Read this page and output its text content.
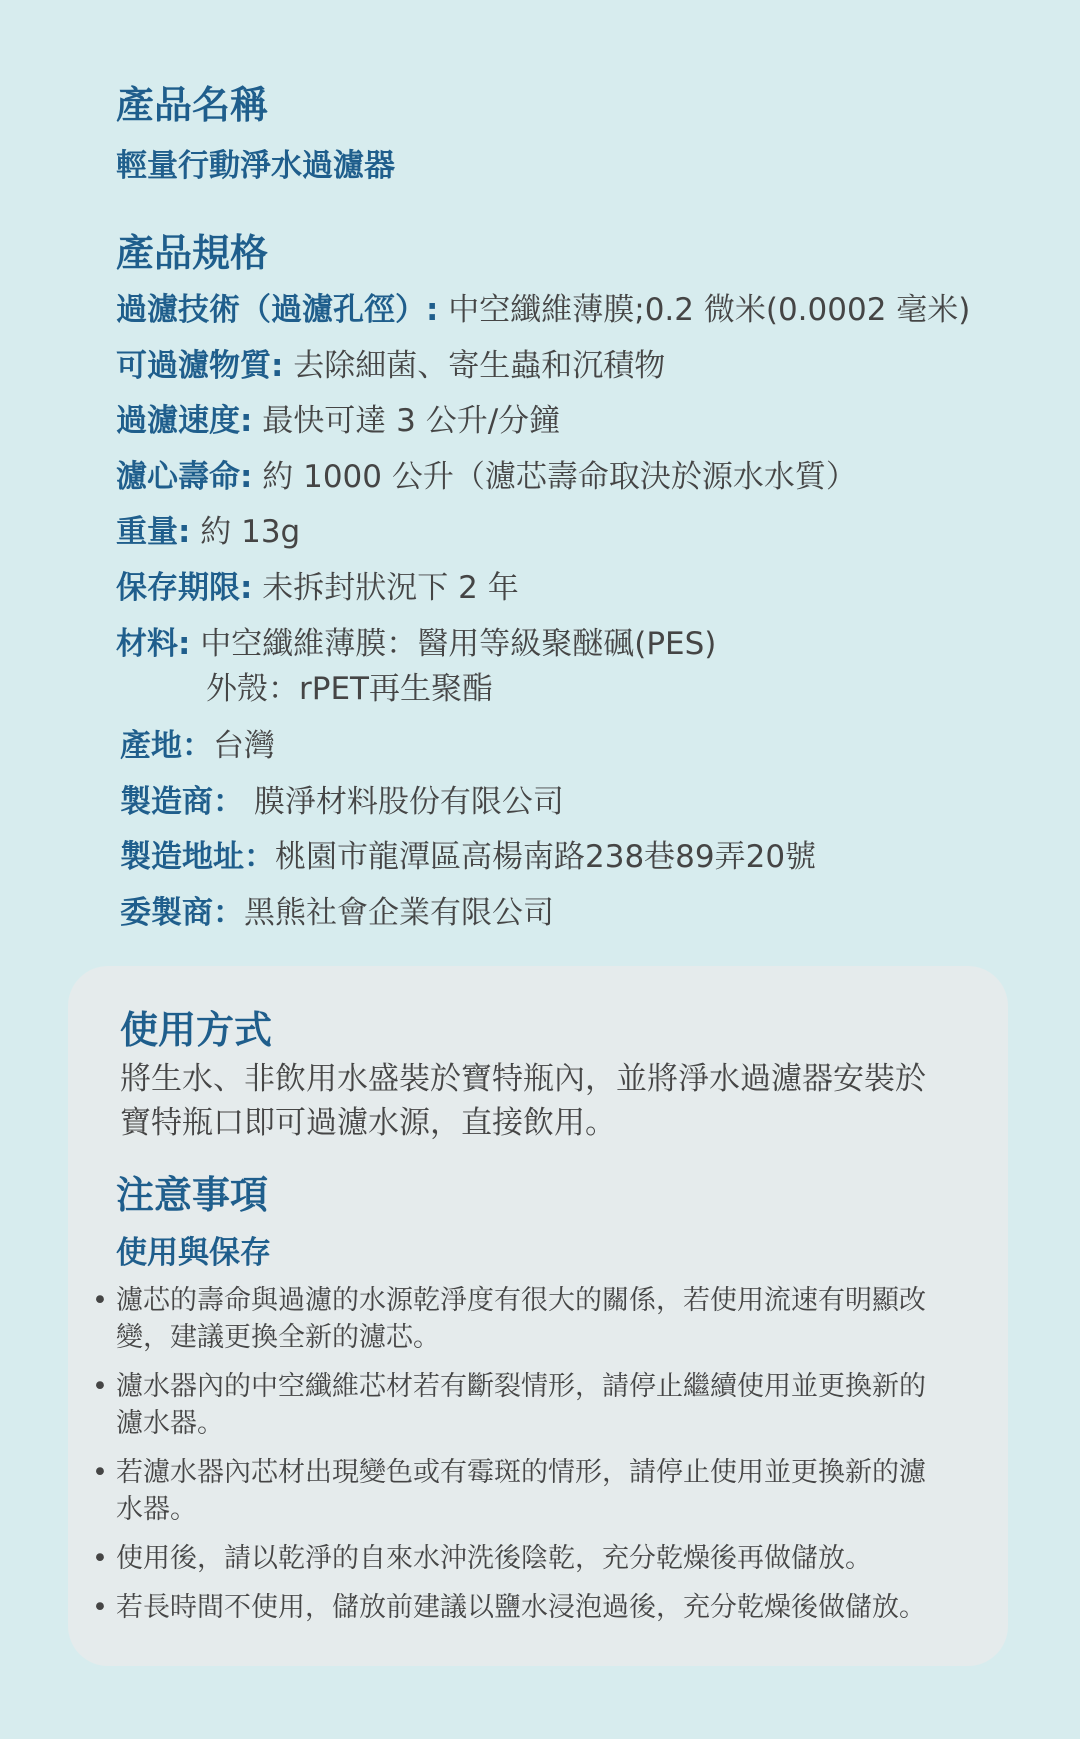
產品名稱
輕量行動淨水過濾器
產品規格
過濾技術（過濾孔徑）: 中空纖維薄膜;0.2 微米(0.0002 毫米)
可過濾物質: 去除細菌、寄生蟲和沉積物
過濾速度: 最快可達 3 公升/分鐘
濾心壽命: 約 1000 公升（濾芯壽命取決於源水水質）
重量: 約 13g
保存期限: 未拆封狀況下 2 年
材料: 中空纖維薄膜：醫用等級聚醚碸(PES)
外殼：rPET再生聚酯
產地：台灣
製造商： 膜淨材料股份有限公司
製造地址：桃園市龍潭區高楊南路238巷89弄20號
委製商：黑熊社會企業有限公司
使用方式
將生水、非飲用水盛裝於寶特瓶內，並將淨水過濾器安裝於
寶特瓶口即可過濾水源，直接飲用。
注意事項
使用與保存
• 濾芯的壽命與過濾的水源乾淨度有很大的關係，若使用流速有明顯改
變，建議更換全新的濾芯。
• 濾水器內的中空纖維芯材若有斷裂情形，請停止繼續使用並更換新的
濾水器。
• 若濾水器內芯材出現變色或有霉斑的情形，請停止使用並更換新的濾
水器。
• 使用後，請以乾淨的自來水沖洗後陰乾，充分乾燥後再做儲放。
• 若長時間不使用，儲放前建議以鹽水浸泡過後，充分乾燥後做儲放。
